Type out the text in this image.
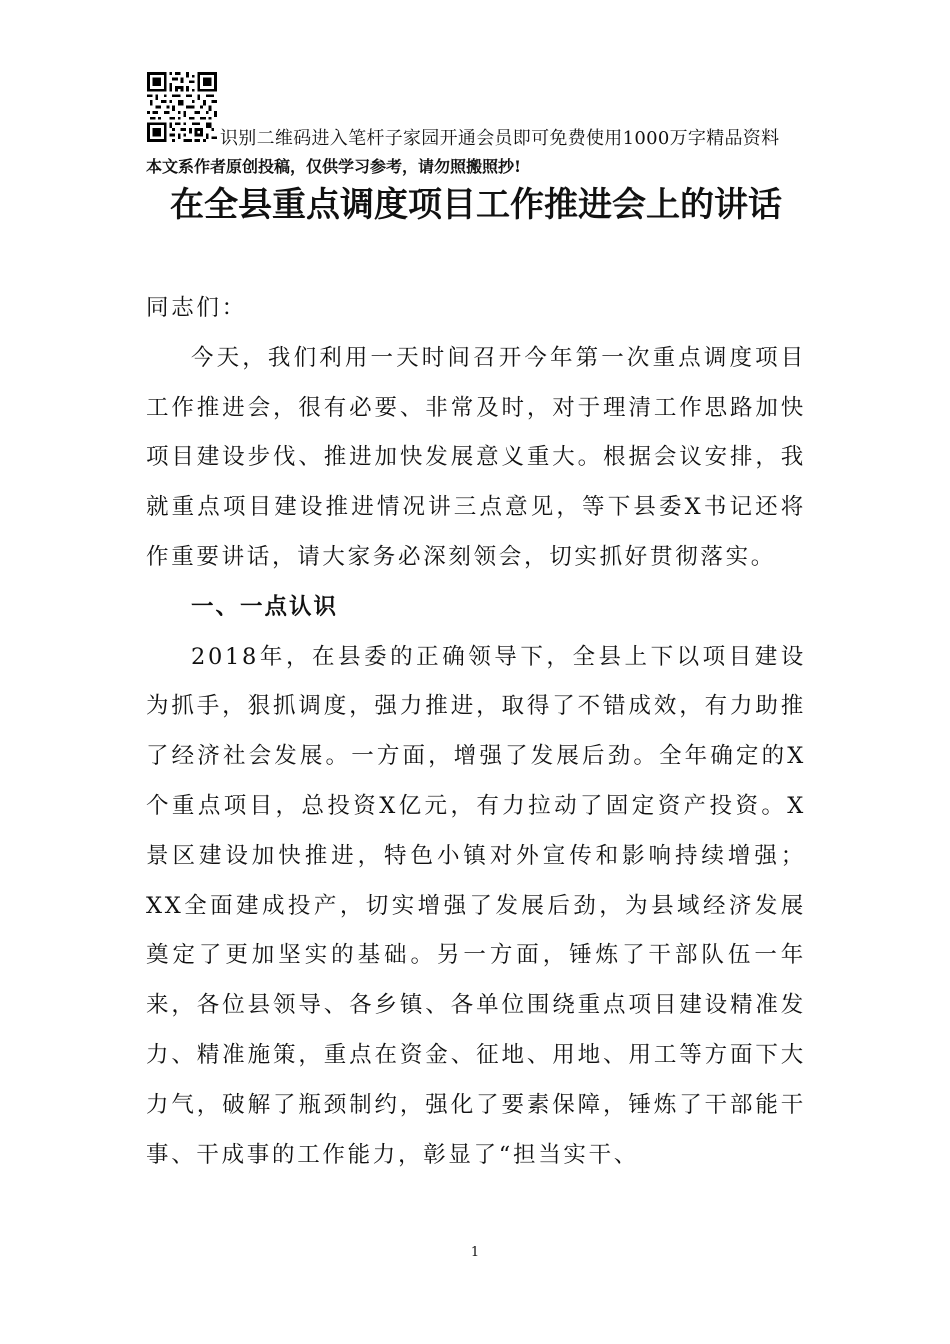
识别二维码进入笔杆子家园开通会员即可免费使用1000万字精品资料
本文系作者原创投稿，仅供学习参考，请勿照搬照抄!
在全县重点调度项目工作推进会上的讲话

同志们：

今天，我们利用一天时间召开今年第一次重点调度项目工作推进会，很有必要、非常及时，对于理清工作思路加快项目建设步伐、推进加快发展意义重大。根据会议安排，我就重点项目建设推进情况讲三点意见，等下县委X书记还将作重要讲话，请大家务必深刻领会，切实抓好贯彻落实。

一、一点认识

2018年，在县委的正确领导下，全县上下以项目建设为抓手，狠抓调度，强力推进，取得了不错成效，有力助推了经济社会发展。一方面，增强了发展后劲。全年确定的X个重点项目，总投资X亿元，有力拉动了固定资产投资。X景区建设加快推进，特色小镇对外宣传和影响持续增强；XX全面建成投产，切实增强了发展后劲，为县域经济发展奠定了更加坚实的基础。另一方面，锤炼了干部队伍一年来，各位县领导、各乡镇、各单位围绕重点项目建设精准发力、精准施策，重点在资金、征地、用地、用工等方面下大力气，破解了瓶颈制约，强化了要素保障，锤炼了干部能干事、干成事的工作能力，彰显了“担当实干、

1
